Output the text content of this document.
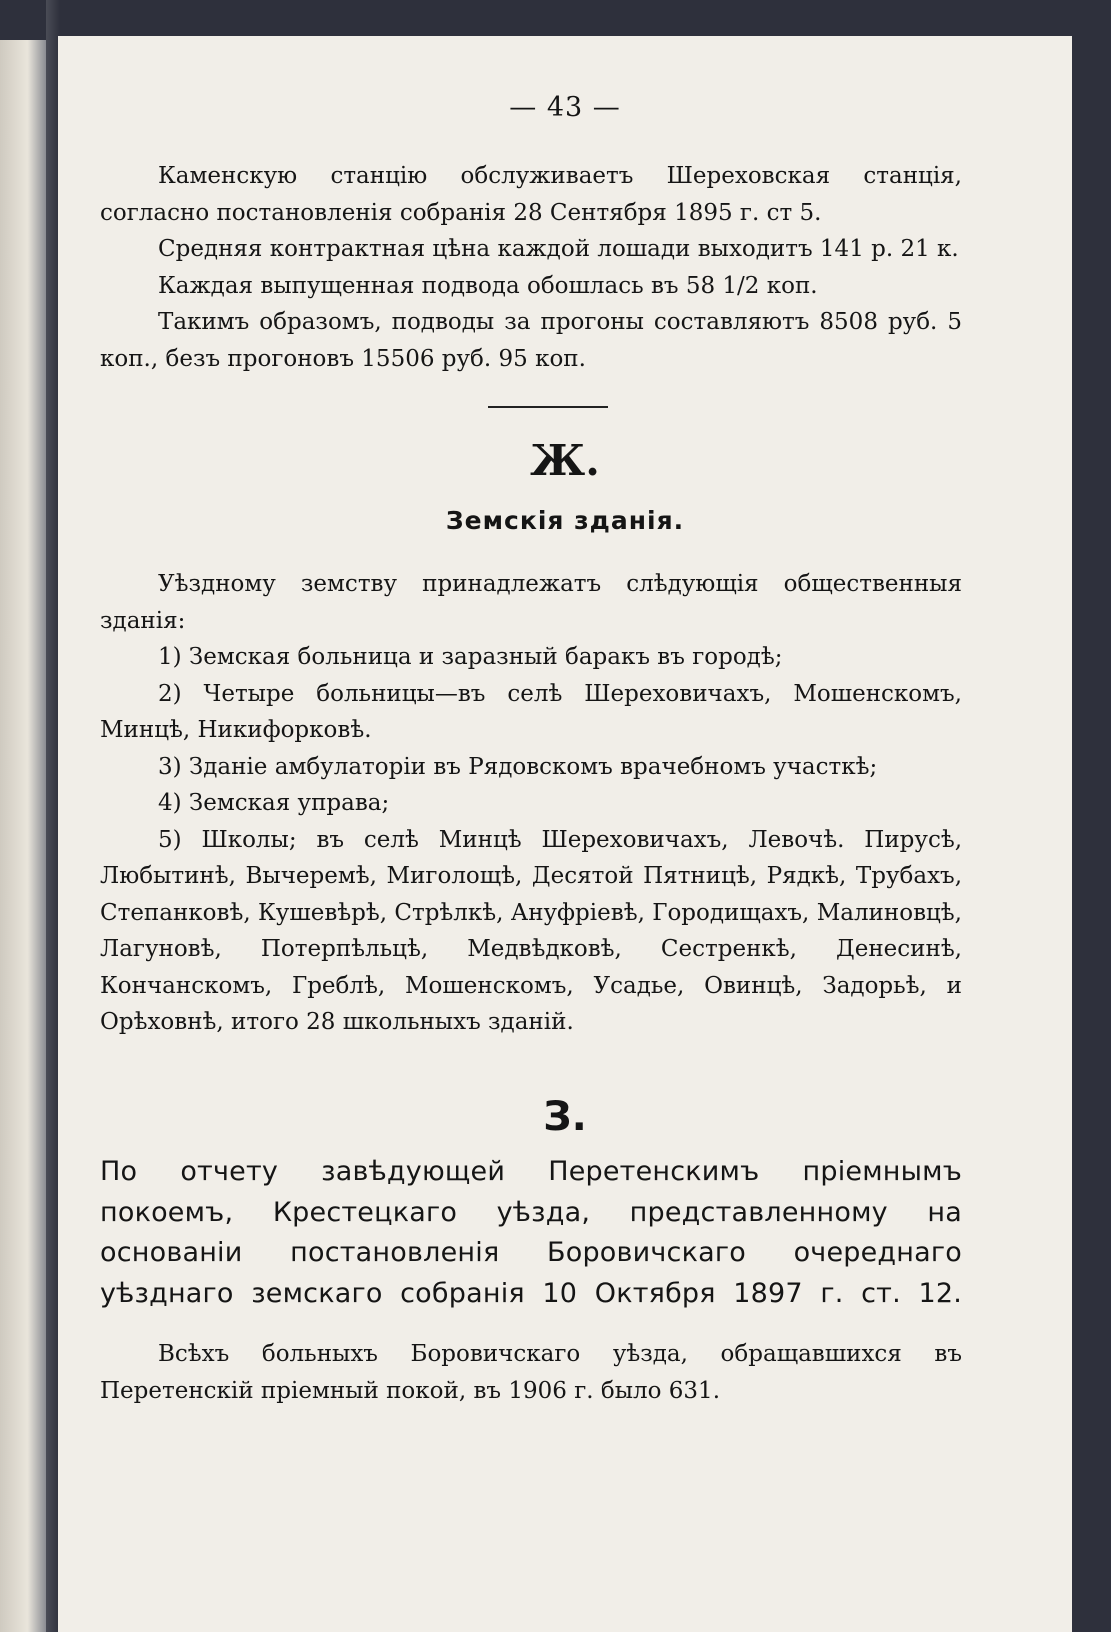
— 43 —

Каменскую станцію обслуживаетъ Шереховская станція, согласно постановленія собранія 28 Сентября 1895 г. ст 5.

Средняя контрактная цѣна каждой лошади выходитъ 141 р. 21 к.

Каждая выпущенная подвода обошлась въ 58 1/2 коп.

Такимъ образомъ, подводы за прогоны составляютъ 8508 руб. 5 коп., безъ прогоновъ 15506 руб. 95 коп.

Ж.
Земскія зданія.

Уѣздному земству принадлежатъ слѣдующія общественныя зданія:

1) Земская больница и заразный баракъ въ городѣ;

2) Четыре больницы—въ селѣ Шереховичахъ, Мошенскомъ, Минцѣ, Никифорковѣ.

3) Зданіе амбулаторіи въ Рядовскомъ врачебномъ участкѣ;

4) Земская управа;

5) Школы; въ селѣ Минцѣ Шереховичахъ, Левочѣ. Пирусѣ, Любытинѣ, Вычеремѣ, Миголощѣ, Десятой Пятницѣ, Рядкѣ, Трубахъ, Степанковѣ, Кушевѣрѣ, Стрѣлкѣ, Ануфріевѣ, Городищахъ, Малиновцѣ, Лагуновѣ, Потерпѣльцѣ, Медвѣдковѣ, Сестренкѣ, Денесинѣ, Кончанскомъ, Греблѣ, Мошенскомъ, Усадье, Овинцѣ, Задорьѣ, и Орѣховнѣ, итого 28 школьныхъ зданій.

З.
По отчету завѣдующей Перетенскимъ пріемнымъ покоемъ, Крестецкаго уѣзда, представленному на основаніи постановленія Боровичскаго очереднаго уѣзднаго земскаго собранія 10 Октября 1897 г. ст. 12.

Всѣхъ больныхъ Боровичскаго уѣзда, обращавшихся въ Перетенскій пріемный покой, въ 1906 г. было 631.
